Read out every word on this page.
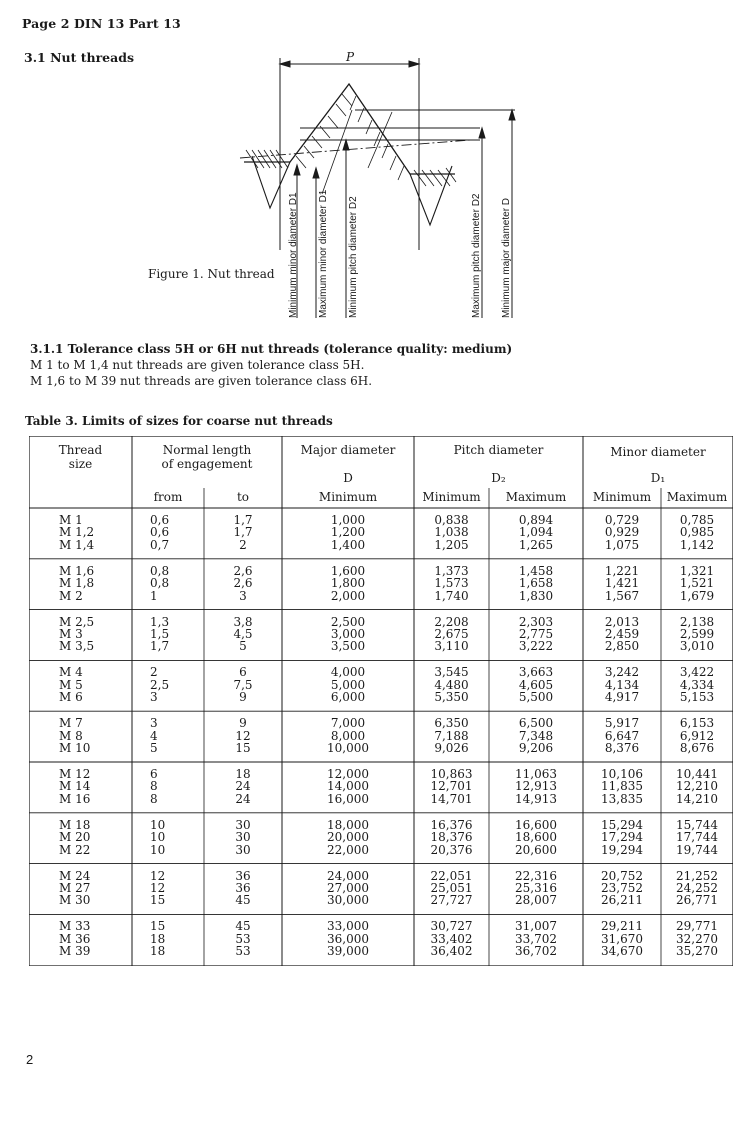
Page 2 DIN 13 Part 13
3.1 Nut threads	P
Minimum minor diameter D1 Maximum minor diameter D1 Minimum pitch diameter D2	Maximum pitch diameter D2 Minimum major diameter D
Figure 1. Nut thread
3.1.1 Tolerance class 5H or 6H nut threads (tolerance quality: medium)
M 1 to M 1,4 nut threads are given tolerance class 5H.
M 1,6 to M 39 nut threads are given tolerance class 6H.
Table 3. Limits of sizes for coarse nut threads
Thread
size
Normal length
of engagement
Major diameter
D
Pitch diameter
D₂
Minor diameter
D₁
from	to	Minimum	Minimum	Maximum	Minimum	Maximum
M 1	0,6	1,7	1,000	0,838	0,894	0,729	0,785
M 1,2	0,6	1,7	1,200	1,038	1,094	0,929	0,985
M 1,4	0,7	2	1,400	1,205	1,265	1,075	1,142
M 1,6	0,8	2,6	1,600	1,373	1,458	1,221	1,321
M 1,8	0,8	2,6	1,800	1,573	1,658	1,421	1,521
M 2	1	3	2,000	1,740	1,830	1,567	1,679
M 2,5	1,3	3,8	2,500	2,208	2,303	2,013	2,138
M 3	1,5	4,5	3,000	2,675	2,775	2,459	2,599
M 3,5	1,7	5	3,500	3,110	3,222	2,850	3,010
M 4	2	6	4,000	3,545	3,663	3,242	3,422
M 5	2,5	7,5	5,000	4,480	4,605	4,134	4,334
M 6	3	9	6,000	5,350	5,500	4,917	5,153
M 7	3	9	7,000	6,350	6,500	5,917	6,153
M 8	4	12	8,000	7,188	7,348	6,647	6,912
M 10	5	15	10,000	9,026	9,206	8,376	8,676
M 12	6	18	12,000	10,863	11,063	10,106	10,441
M 14	8	24	14,000	12,701	12,913	11,835	12,210
M 16	8	24	16,000	14,701	14,913	13,835	14,210
M 18	10	30	18,000	16,376	16,600	15,294	15,744
M 20	10	30	20,000	18,376	18,600	17,294	17,744
M 22	10	30	22,000	20,376	20,600	19,294	19,744
M 24	12	36	24,000	22,051	22,316	20,752	21,252
M 27	12	36	27,000	25,051	25,316	23,752	24,252
M 30	15	45	30,000	27,727	28,007	26,211	26,771
M 33	15	45	33,000	30,727	31,007	29,211	29,771
M 36	18	53	36,000	33,402	33,702	31,670	32,270
M 39	18	53	39,000	36,402	36,702	34,670	35,270
2
